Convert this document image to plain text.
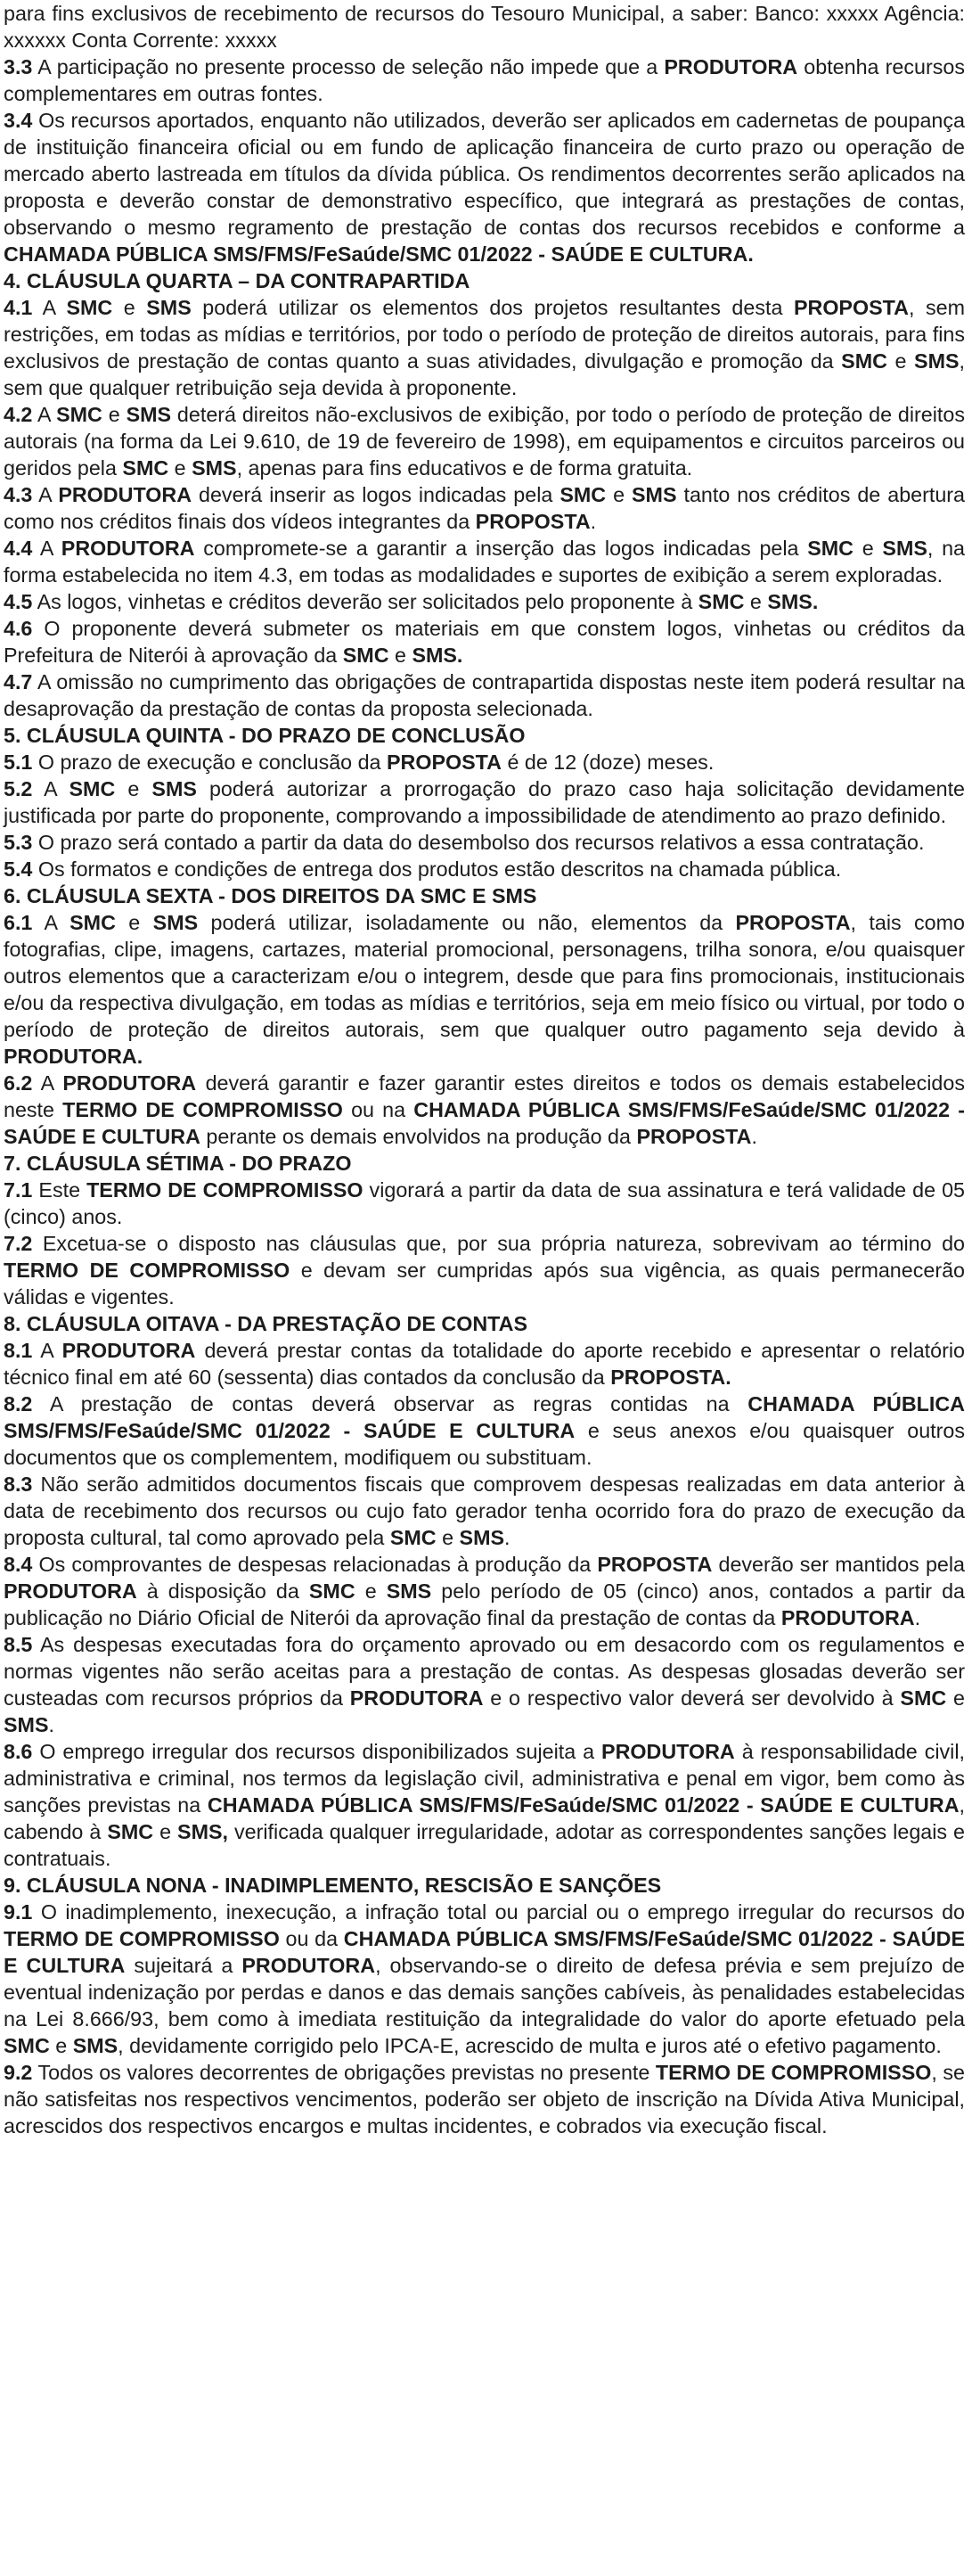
para fins exclusivos de recebimento de recursos do Tesouro Municipal, a saber: Banco: xxxxx Agência: xxxxxx Conta Corrente: xxxxx

3.3 A participação no presente processo de seleção não impede que a PRODUTORA obtenha recursos complementares em outras fontes.

3.4 Os recursos aportados, enquanto não utilizados, deverão ser aplicados em cadernetas de poupança de instituição financeira oficial ou em fundo de aplicação financeira de curto prazo ou operação de mercado aberto lastreada em títulos da dívida pública. Os rendimentos decorrentes serão aplicados na proposta e deverão constar de demonstrativo específico, que integrará as prestações de contas, observando o mesmo regramento de prestação de contas dos recursos recebidos e conforme a CHAMADA PÚBLICA SMS/FMS/FeSaúde/SMC 01/2022 - SAÚDE E CULTURA.

4. CLÁUSULA QUARTA – DA CONTRAPARTIDA

4.1 A SMC e SMS poderá utilizar os elementos dos projetos resultantes desta PROPOSTA, sem restrições, em todas as mídias e territórios, por todo o período de proteção de direitos autorais, para fins exclusivos de prestação de contas quanto a suas atividades, divulgação e promoção da SMC e SMS, sem que qualquer retribuição seja devida à proponente.

4.2 A SMC e SMS deterá direitos não-exclusivos de exibição, por todo o período de proteção de direitos autorais (na forma da Lei 9.610, de 19 de fevereiro de 1998), em equipamentos e circuitos parceiros ou geridos pela SMC e SMS, apenas para fins educativos e de forma gratuita.

4.3 A PRODUTORA deverá inserir as logos indicadas pela SMC e SMS tanto nos créditos de abertura como nos créditos finais dos vídeos integrantes da PROPOSTA.

4.4 A PRODUTORA compromete-se a garantir a inserção das logos indicadas pela SMC e SMS, na forma estabelecida no item 4.3, em todas as modalidades e suportes de exibição a serem exploradas.

4.5 As logos, vinhetas e créditos deverão ser solicitados pelo proponente à SMC e SMS.

4.6 O proponente deverá submeter os materiais em que constem logos, vinhetas ou créditos da Prefeitura de Niterói à aprovação da SMC e SMS.

4.7 A omissão no cumprimento das obrigações de contrapartida dispostas neste item poderá resultar na desaprovação da prestação de contas da proposta selecionada.

5. CLÁUSULA QUINTA - DO PRAZO DE CONCLUSÃO

5.1 O prazo de execução e conclusão da PROPOSTA é de 12 (doze) meses.

5.2 A SMC e SMS poderá autorizar a prorrogação do prazo caso haja solicitação devidamente justificada por parte do proponente, comprovando a impossibilidade de atendimento ao prazo definido.

5.3 O prazo será contado a partir da data do desembolso dos recursos relativos a essa contratação.

5.4 Os formatos e condições de entrega dos produtos estão descritos na chamada pública.

6. CLÁUSULA SEXTA - DOS DIREITOS DA SMC E SMS

6.1 A SMC e SMS poderá utilizar, isoladamente ou não, elementos da PROPOSTA, tais como fotografias, clipe, imagens, cartazes, material promocional, personagens, trilha sonora, e/ou quaisquer outros elementos que a caracterizam e/ou o integrem, desde que para fins promocionais, institucionais e/ou da respectiva divulgação, em todas as mídias e territórios, seja em meio físico ou virtual, por todo o período de proteção de direitos autorais, sem que qualquer outro pagamento seja devido à PRODUTORA.

6.2 A PRODUTORA deverá garantir e fazer garantir estes direitos e todos os demais estabelecidos neste TERMO DE COMPROMISSO ou na CHAMADA PÚBLICA SMS/FMS/FeSaúde/SMC 01/2022 - SAÚDE E CULTURA perante os demais envolvidos na produção da PROPOSTA.

7. CLÁUSULA SÉTIMA - DO PRAZO

7.1 Este TERMO DE COMPROMISSO vigorará a partir da data de sua assinatura e terá validade de 05 (cinco) anos.

7.2 Excetua-se o disposto nas cláusulas que, por sua própria natureza, sobrevivam ao término do TERMO DE COMPROMISSO e devam ser cumpridas após sua vigência, as quais permanecerão válidas e vigentes.

8. CLÁUSULA OITAVA - DA PRESTAÇÃO DE CONTAS

8.1 A PRODUTORA deverá prestar contas da totalidade do aporte recebido e apresentar o relatório técnico final em até 60 (sessenta) dias contados da conclusão da PROPOSTA.

8.2 A prestação de contas deverá observar as regras contidas na CHAMADA PÚBLICA SMS/FMS/FeSaúde/SMC 01/2022 - SAÚDE E CULTURA e seus anexos e/ou quaisquer outros documentos que os complementem, modifiquem ou substituam.

8.3 Não serão admitidos documentos fiscais que comprovem despesas realizadas em data anterior à data de recebimento dos recursos ou cujo fato gerador tenha ocorrido fora do prazo de execução da proposta cultural, tal como aprovado pela SMC e SMS.

8.4 Os comprovantes de despesas relacionadas à produção da PROPOSTA deverão ser mantidos pela PRODUTORA à disposição da SMC e SMS pelo período de 05 (cinco) anos, contados a partir da publicação no Diário Oficial de Niterói da aprovação final da prestação de contas da PRODUTORA.

8.5 As despesas executadas fora do orçamento aprovado ou em desacordo com os regulamentos e normas vigentes não serão aceitas para a prestação de contas. As despesas glosadas deverão ser custeadas com recursos próprios da PRODUTORA e o respectivo valor deverá ser devolvido à SMC e SMS.

8.6 O emprego irregular dos recursos disponibilizados sujeita a PRODUTORA à responsabilidade civil, administrativa e criminal, nos termos da legislação civil, administrativa e penal em vigor, bem como às sanções previstas na CHAMADA PÚBLICA SMS/FMS/FeSaúde/SMC 01/2022 - SAÚDE E CULTURA, cabendo à SMC e SMS, verificada qualquer irregularidade, adotar as correspondentes sanções legais e contratuais.

9. CLÁUSULA NONA - INADIMPLEMENTO, RESCISÃO E SANÇÕES

9.1 O inadimplemento, inexecução, a infração total ou parcial ou o emprego irregular do recursos do TERMO DE COMPROMISSO ou da CHAMADA PÚBLICA SMS/FMS/FeSaúde/SMC 01/2022 - SAÚDE E CULTURA sujeitará a PRODUTORA, observando-se o direito de defesa prévia e sem prejuízo de eventual indenização por perdas e danos e das demais sanções cabíveis, às penalidades estabelecidas na Lei 8.666/93, bem como à imediata restituição da integralidade do valor do aporte efetuado pela SMC e SMS, devidamente corrigido pelo IPCA-E, acrescido de multa e juros até o efetivo pagamento.

9.2 Todos os valores decorrentes de obrigações previstas no presente TERMO DE COMPROMISSO, se não satisfeitas nos respectivos vencimentos, poderão ser objeto de inscrição na Dívida Ativa Municipal, acrescidos dos respectivos encargos e multas incidentes, e cobrados via execução fiscal.
